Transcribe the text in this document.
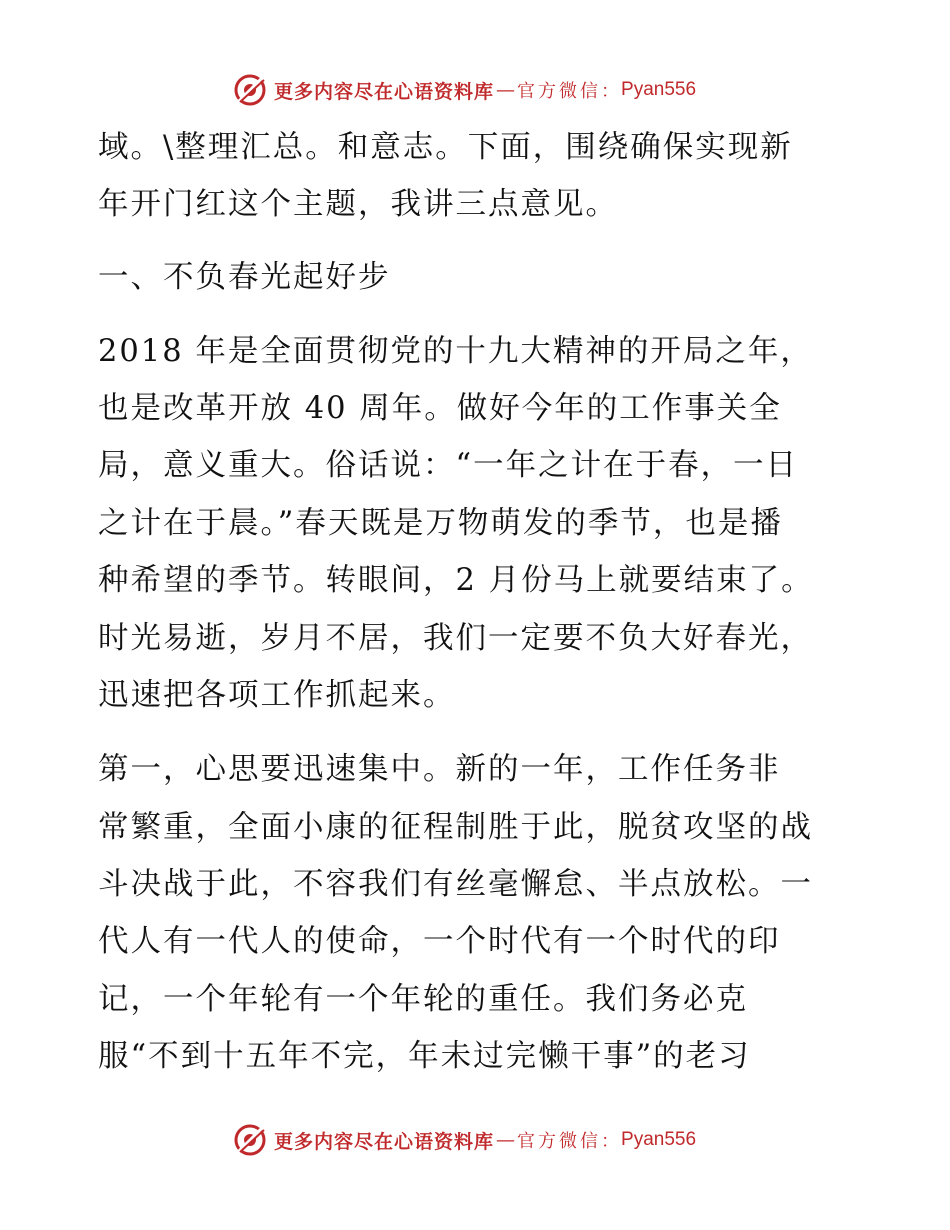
更多内容尽在心语资料库 — 官方微信 ： Pyan556
域。\整理汇总。和意志。下面，围绕确保实现新
年开门红这个主题，我讲三点意见。
一、不负春光起好步
2018 年是全面贯彻党的十九大精神的开局之年，
也是改革开放 40 周年。做好今年的工作事关全
局，意义重大。俗话说：“一年之计在于春，一日
之计在于晨。”春天既是万物萌发的季节，也是播
种希望的季节。转眼间，2 月份马上就要结束了。
时光易逝，岁月不居，我们一定要不负大好春光，
迅速把各项工作抓起来。
第一，心思要迅速集中。新的一年，工作任务非
常繁重，全面小康的征程制胜于此，脱贫攻坚的战
斗决战于此，不容我们有丝毫懈怠、半点放松。一
代人有一代人的使命，一个时代有一个时代的印
记，一个年轮有一个年轮的重任。我们务必克
服“不到十五年不完，年未过完懒干事”的老习
更多内容尽在心语资料库 — 官方微信 ： Pyan556
